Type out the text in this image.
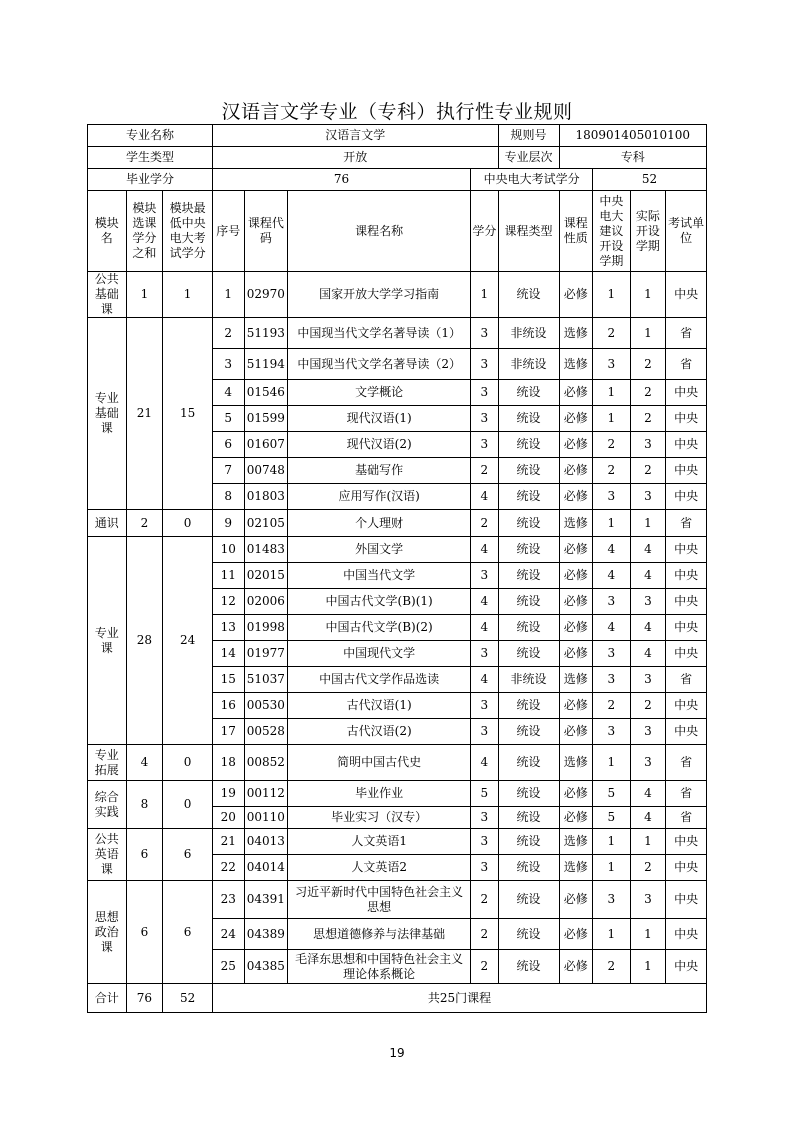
汉语言文学专业（专科）执行性专业规则
专业名称			汉语言文学				规则号	180901405010100			
学生类型			开放				专业层次	专科			
毕业学分			76			中央电大考试学分			52		
模块名	模块选课学分之和	模块最低中央电大考试学分	序号	课程代码	课程名称	学分	课程类型	课程性质	中央电大建议开设学期	实际开设学期	考试单位
公共基础课	1	1	1	02970	国家开放大学学习指南	1	统设	必修	1	1	中央
专业基础课	21	15	2	51193	中国现当代文学名著导读（1）	3	非统设	选修	2	1	省
			3	51194	中国现当代文学名著导读（2）	3	非统设	选修	3	2	省
			4	01546	文学概论	3	统设	必修	1	2	中央
			5	01599	现代汉语(1)	3	统设	必修	1	2	中央
			6	01607	现代汉语(2)	3	统设	必修	2	3	中央
			7	00748	基础写作	2	统设	必修	2	2	中央
			8	01803	应用写作(汉语)	4	统设	必修	3	3	中央
通识	2	0	9	02105	个人理财	2	统设	选修	1	1	省
专业课	28	24	10	01483	外国文学	4	统设	必修	4	4	中央
			11	02015	中国当代文学	3	统设	必修	4	4	中央
			12	02006	中国古代文学(B)(1)	4	统设	必修	3	3	中央
			13	01998	中国古代文学(B)(2)	4	统设	必修	4	4	中央
			14	01977	中国现代文学	3	统设	必修	3	4	中央
			15	51037	中国古代文学作品选读	4	非统设	选修	3	3	省
			16	00530	古代汉语(1)	3	统设	必修	2	2	中央
			17	00528	古代汉语(2)	3	统设	必修	3	3	中央
专业拓展	4	0	18	00852	简明中国古代史	4	统设	选修	1	3	省
综合实践	8	0	19	00112	毕业作业	5	统设	必修	5	4	省
			20	00110	毕业实习（汉专）	3	统设	必修	5	4	省
公共英语课	6	6	21	04013	人文英语1	3	统设	选修	1	1	中央
			22	04014	人文英语2	3	统设	选修	1	2	中央
思想政治课	6	6	23	04391	习近平新时代中国特色社会主义思想	2	统设	必修	3	3	中央
			24	04389	思想道德修养与法律基础	2	统设	必修	1	1	中央
			25	04385	毛泽东思想和中国特色社会主义理论体系概论	2	统设	必修	2	1	中央
合计	76	52	共25门课程								
19
